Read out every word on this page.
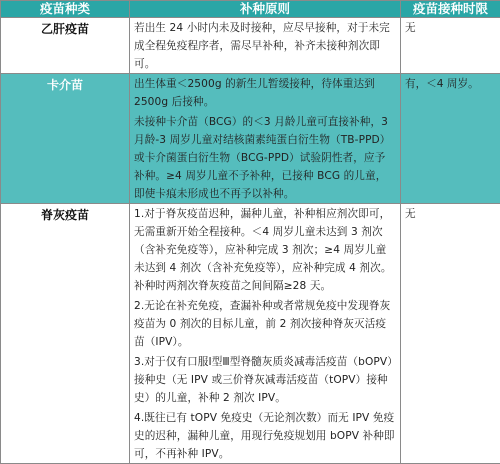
疫苗种类	补种原则	疫苗接种时限
乙肝疫苗	若出生 24 小时内未及时接种，应尽早接种，对于未完成全程免疫程序者，需尽早补种，补齐未接种剂次即可。	无
卡介苗	出生体重＜2500g 的新生儿暂缓接种，待体重达到 2500g 后接种。

未接种卡介苗（BCG）的＜3 月龄儿童可直接补种，3 月龄-3 周岁儿童对结核菌素纯蛋白衍生物（TB-PPD）或卡介菌蛋白衍生物（BCG-PPD）试验阴性者，应予补种。≥4 周岁儿童不予补种，已接种 BCG 的儿童，即使卡痕未形成也不再予以补种。	有，＜4 周岁。
脊灰疫苗	1.对于脊灰疫苗迟种，漏种儿童，补种相应剂次即可，无需重新开始全程接种。＜4 周岁儿童未达到 3 剂次（含补充免疫等），应补种完成 3 剂次；≥4 周岁儿童未达到 4 剂次（含补充免疫等），应补种完成 4 剂次。补种时两剂次脊灰疫苗之间间隔≥28 天。

2.无论在补充免疫，查漏补种或者常规免疫中发现脊灰疫苗为 0 剂次的目标儿童，前 2 剂次接种脊灰灭活疫苗（IPV）。

3.对于仅有口服Ⅰ型Ⅲ型脊髓灰质炎减毒活疫苗（bOPV）接种史（无 IPV 或三价脊灰减毒活疫苗（tOPV）接种史）的儿童，补种 2 剂次 IPV。

4.既往已有 tOPV 免疫史（无论剂次数）而无 IPV 免疫史的迟种，漏种儿童，用现行免疫规划用 bOPV 补种即可，不再补种 IPV。	无
